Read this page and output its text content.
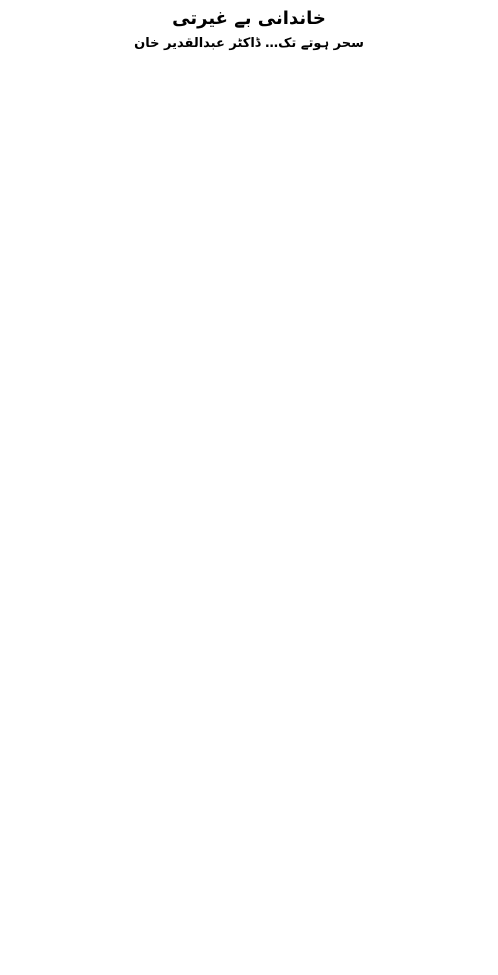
خاندانی بے غیرتی
سحر ہوتے تک… ڈاکٹر عبدالقدیر خان
